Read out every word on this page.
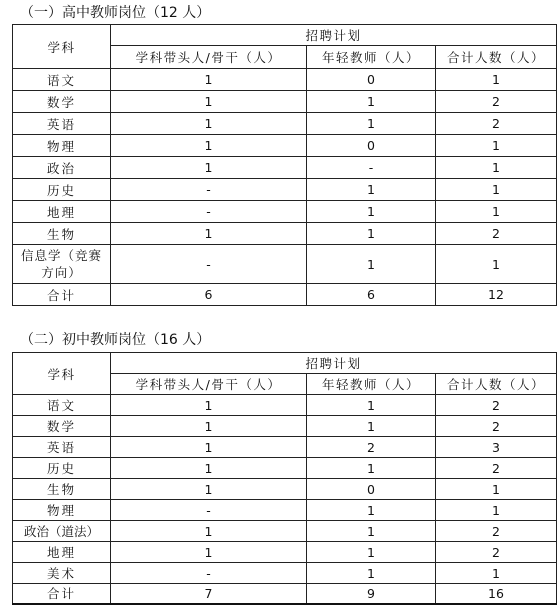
（一）高中教师岗位（12 人）
学科	招聘计划		
	学科带头人/骨干（人）	年轻教师（人）	合计人数（人）
语文	1	0	1
数学	1	1	2
英语	1	1	2
物理	1	0	1
政治	1	-	1
历史	-	1	1
地理	-	1	1
生物	1	1	2
信息学（竞赛方向）	-	1	1
合计	6	6	12
（二）初中教师岗位（16 人）
学科	招聘计划		
	学科带头人/骨干（人）	年轻教师（人）	合计人数（人）
语文	1	1	2
数学	1	1	2
英语	1	2	3
历史	1	1	2
生物	1	0	1
物理	-	1	1
政治（道法）	1	1	2
地理	1	1	2
美术	-	1	1
合计	7	9	16
